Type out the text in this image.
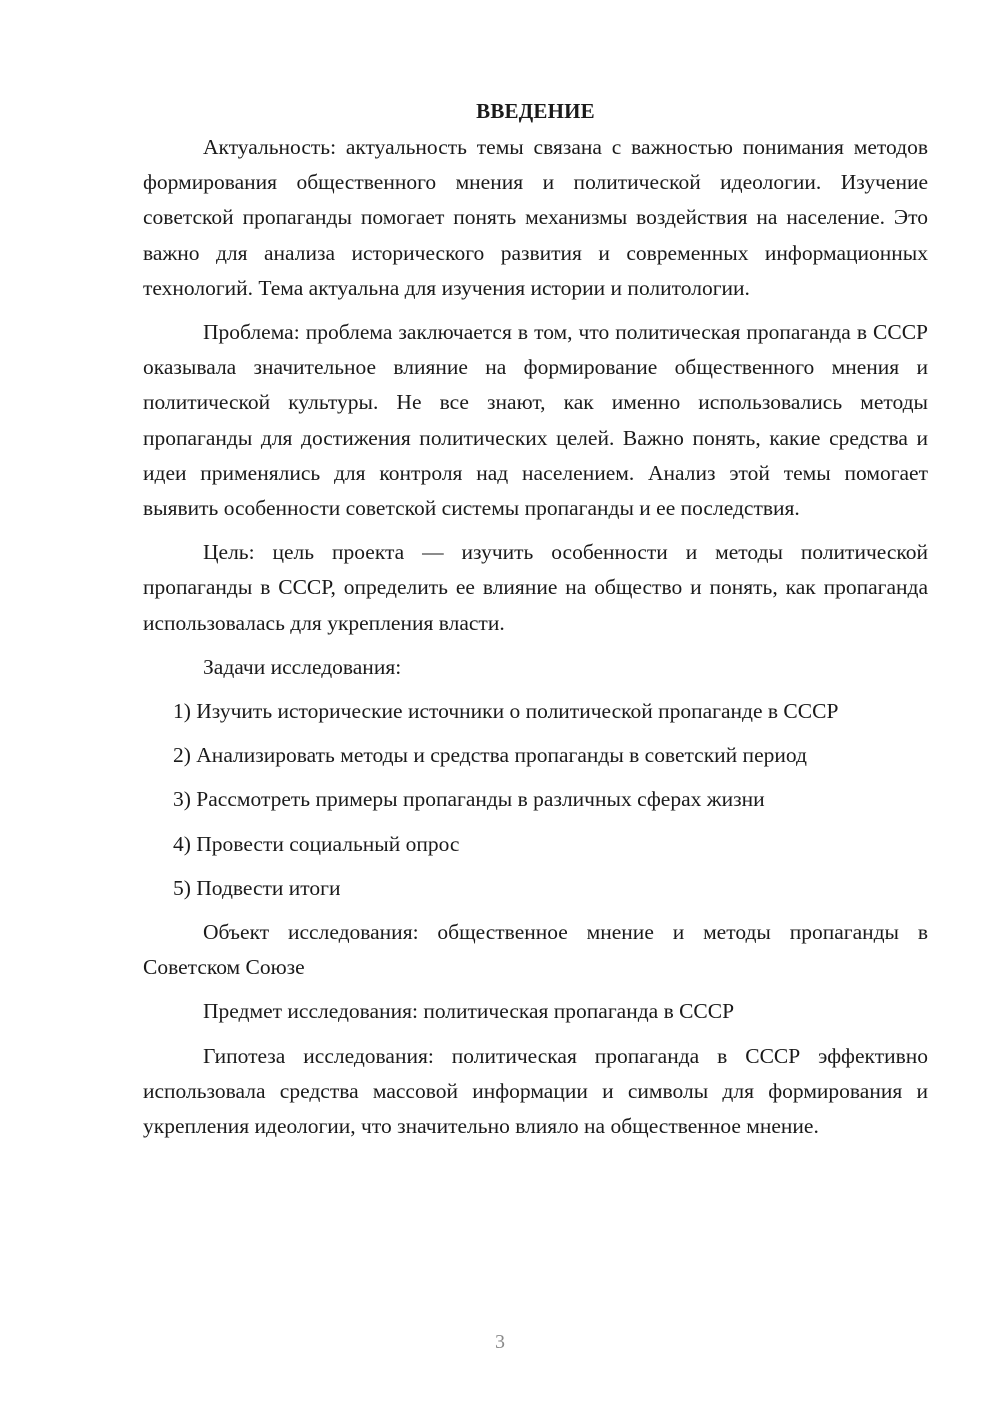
ВВЕДЕНИЕ

Актуальность: актуальность темы связана с важностью понимания методов формирования общественного мнения и политической идеологии. Изучение советской пропаганды помогает понять механизмы воздействия на население. Это важно для анализа исторического развития и современных информационных технологий. Тема актуальна для изучения истории и политологии.

Проблема: проблема заключается в том, что политическая пропаганда в СССР оказывала значительное влияние на формирование общественного мнения и политической культуры. Не все знают, как именно использовались методы пропаганды для достижения политических целей. Важно понять, какие средства и идеи применялись для контроля над населением. Анализ этой темы помогает выявить особенности советской системы пропаганды и ее последствия.

Цель: цель проекта — изучить особенности и методы политической пропаганды в СССР, определить ее влияние на общество и понять, как пропаганда использовалась для укрепления власти.

Задачи исследования:

1) Изучить исторические источники о политической пропаганде в СССР

2) Анализировать методы и средства пропаганды в советский период

3) Рассмотреть примеры пропаганды в различных сферах жизни

4) Провести социальный опрос

5) Подвести итоги

Объект исследования: общественное мнение и методы пропаганды в Советском Союзе

Предмет исследования: политическая пропаганда в СССР

Гипотеза исследования: политическая пропаганда в СССР эффективно использовала средства массовой информации и символы для формирования и укрепления идеологии, что значительно влияло на общественное мнение.

3
